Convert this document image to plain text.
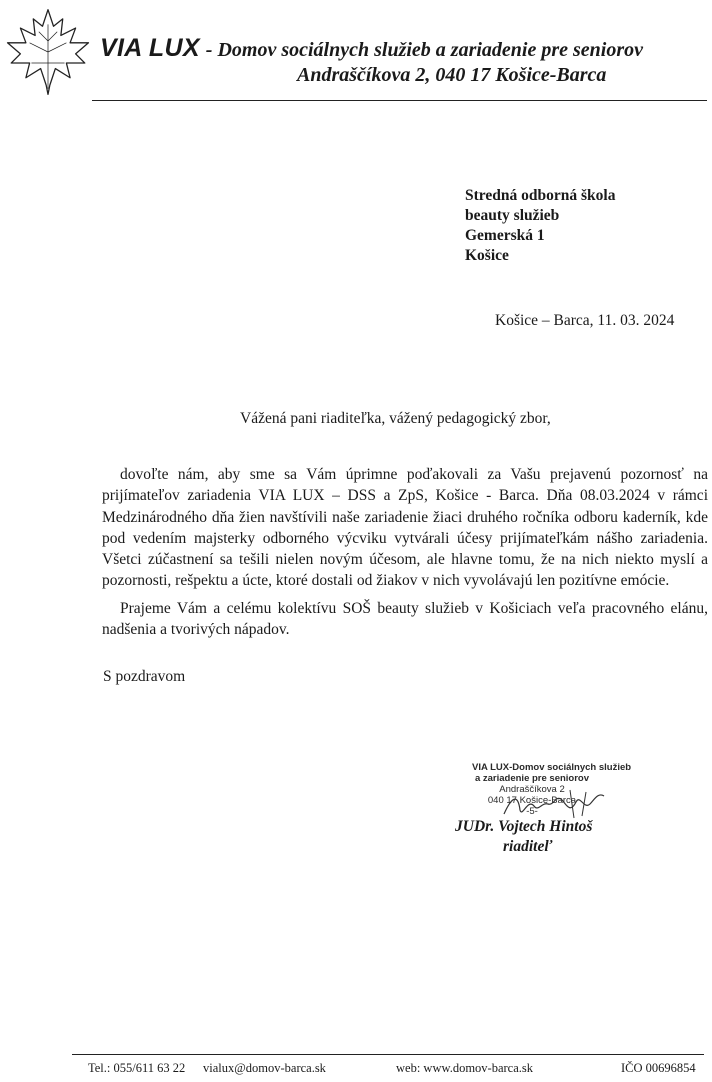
VIA LUX - Domov sociálnych služieb a zariadenie pre seniorov
Andraščíkova 2, 040 17 Košice-Barca
Stredná odborná škola
beauty služieb
Gemerská 1
Košice
Košice – Barca, 11. 03. 2024
Vážená pani riaditeľka, vážený pedagogický zbor,

dovoľte nám, aby sme sa Vám úprimne poďakovali za Vašu prejavenú pozornosť na prijímateľov zariadenia VIA LUX – DSS a ZpS, Košice - Barca. Dňa 08.03.2024 v rámci Medzinárodného dňa žien navštívili naše zariadenie žiaci druhého ročníka odboru kaderník, kde pod vedením majsterky odborného výcviku vytvárali účesy prijímateľkám nášho zariadenia. Všetci zúčastnení sa tešili nielen novým účesom, ale hlavne tomu, že na nich niekto myslí a pozornosti, rešpektu a úcte, ktoré dostali od žiakov v nich vyvolávajú len pozitívne emócie.

Prajeme Vám a celému kolektívu SOŠ beauty služieb v Košiciach veľa pracovného elánu, nadšenia a tvorivých nápadov.

S pozdravom
VIA LUX-Domov sociálnych služieb
a zariadenie pre seniorov
Andraščíkova 2
040 17 Košice-Barca
-5-
JUDr. Vojtech Hintoš
riaditeľ
Tel.: 055/611 63 22 vialux@domov-barca.sk	web: www.domov-barca.sk	IČO 00696854
